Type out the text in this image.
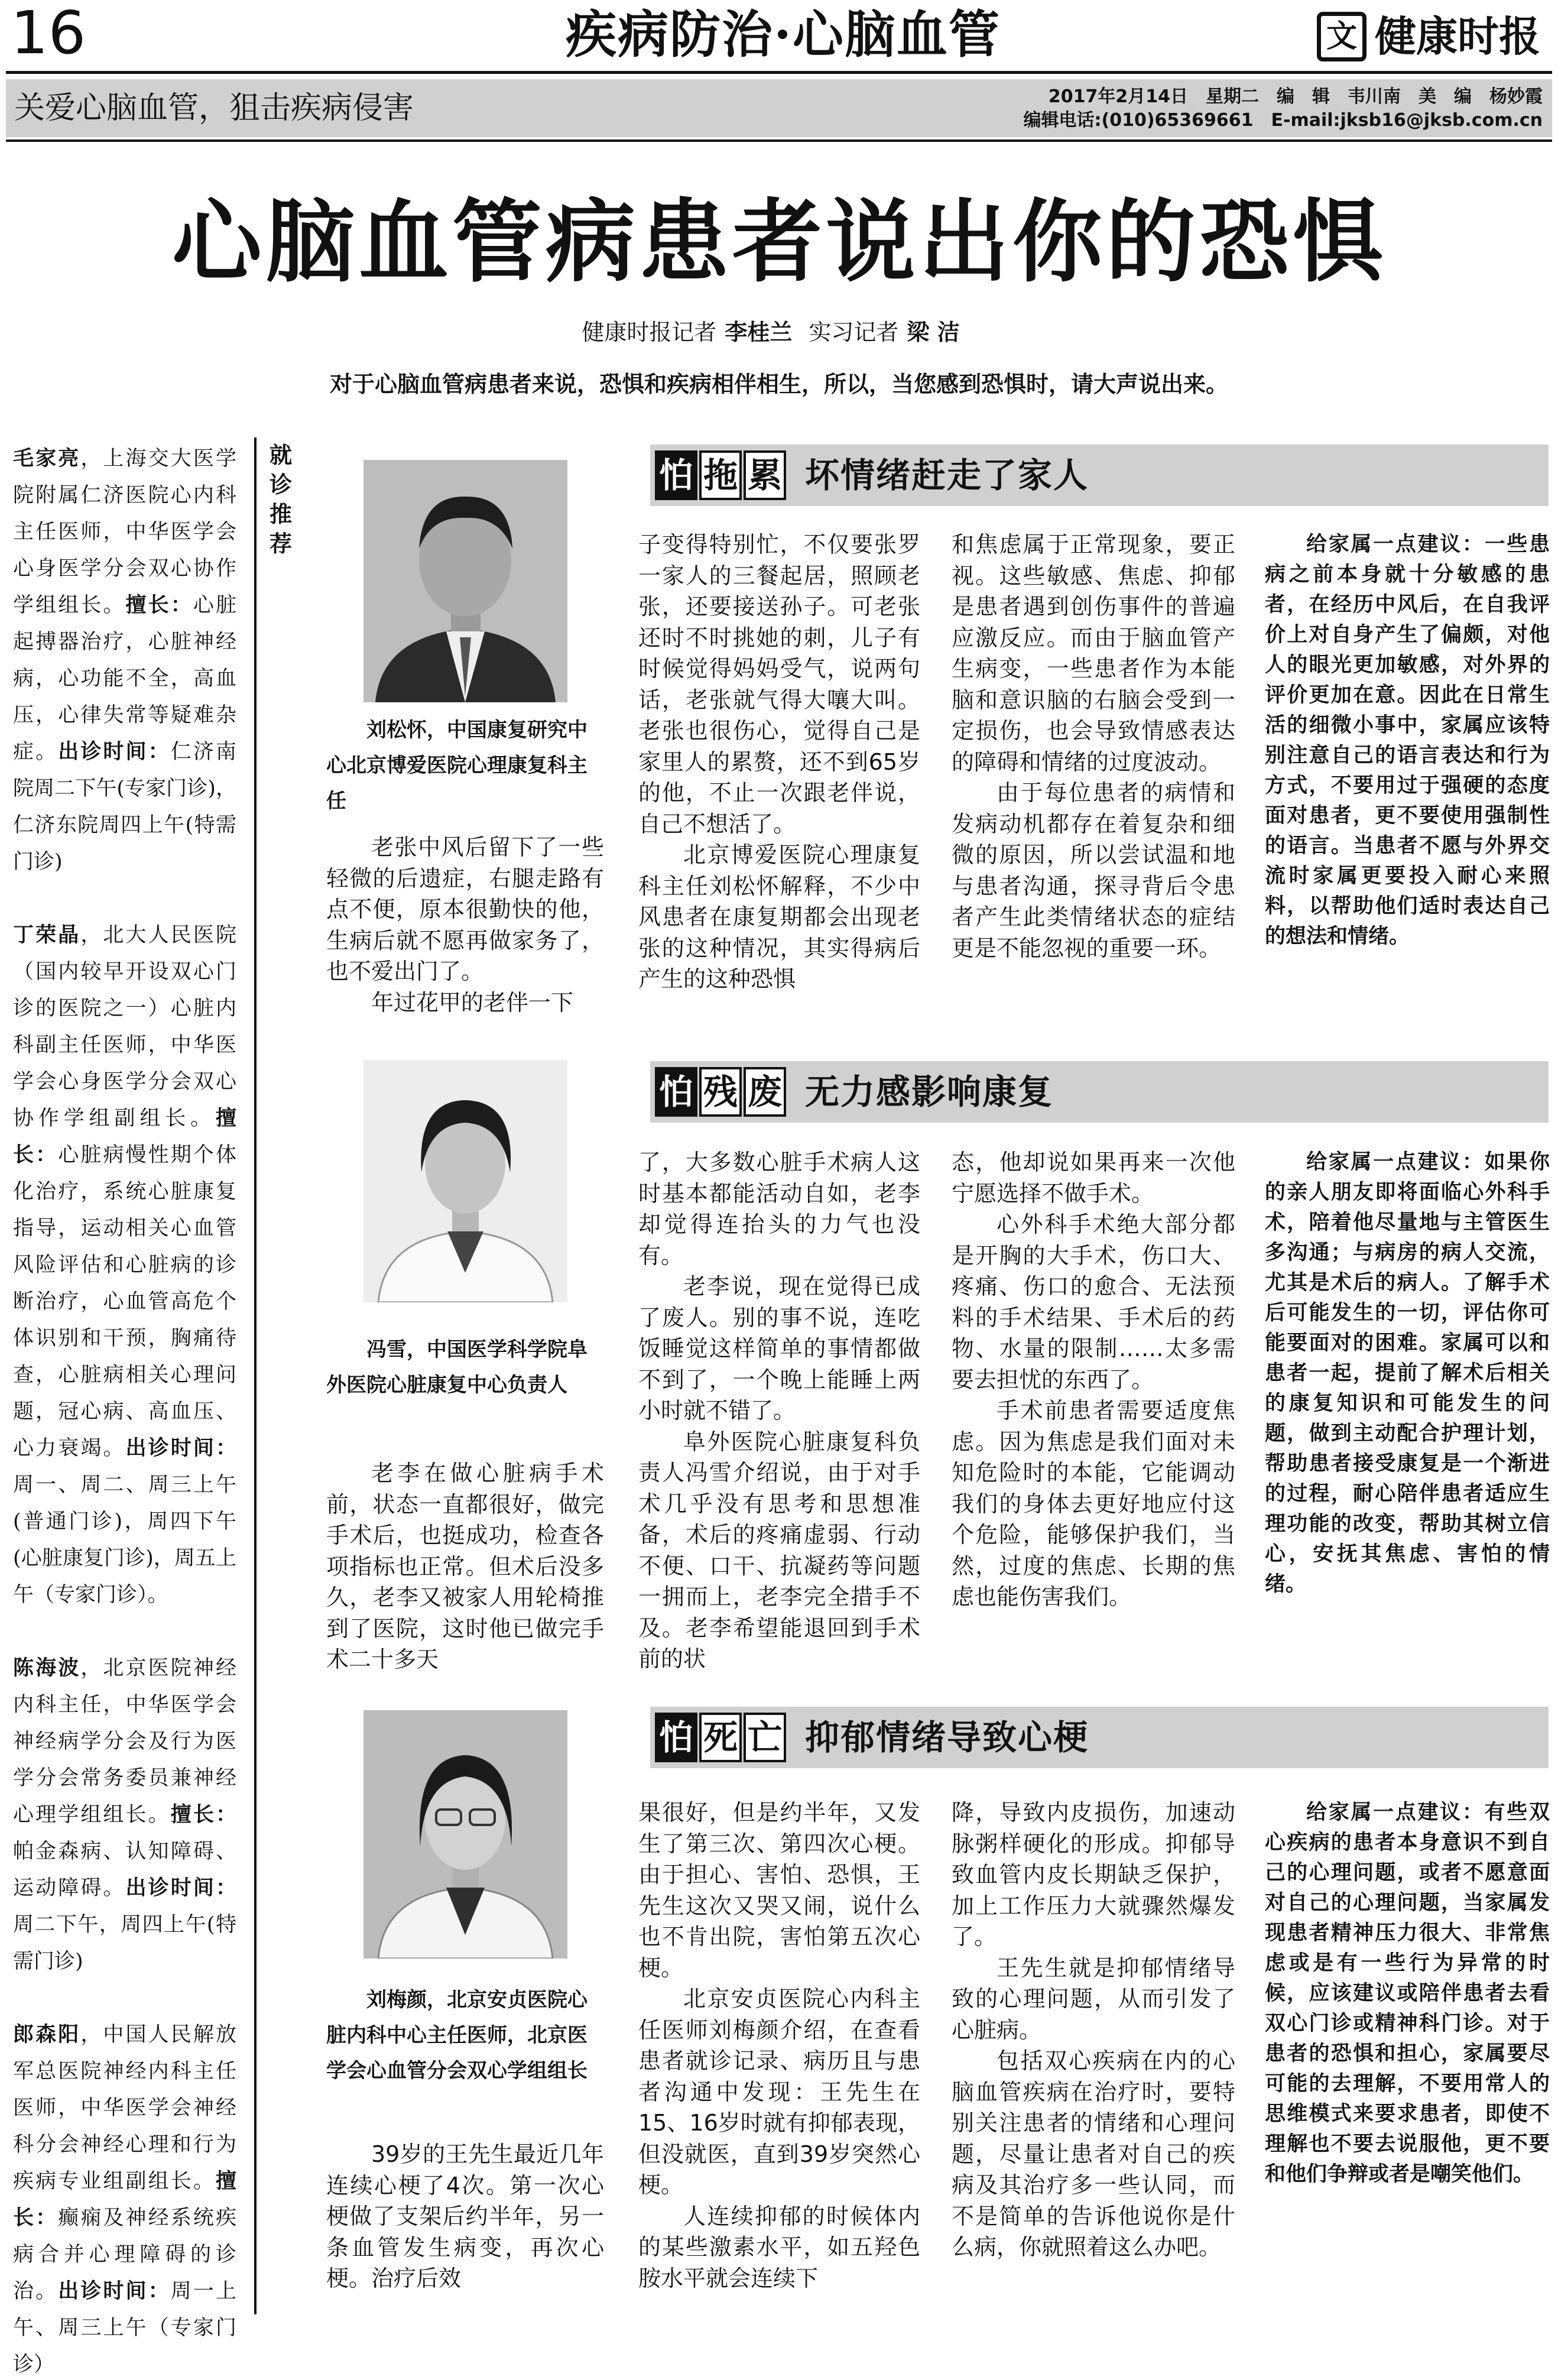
16	疾病防治·心脑血管	文 健康时报
关爱心脑血管，狙击疾病侵害	2017年2月14日　星期二　编　辑　韦川南　美　编　杨妙霞
编辑电话:(010)65369661　E-mail:jksb16@jksb.com.cn
心脑血管病患者说出你的恐惧
健康时报记者 李桂兰 实习记者 梁 洁
对于心脑血管病患者来说，恐惧和疾病相伴相生，所以，当您感到恐惧时，请大声说出来。
毛家亮，上海交大医学院附属仁济医院心内科主任医师，中华医学会心身医学分会双心协作学组组长。擅长：心脏起搏器治疗，心脏神经病，心功能不全，高血压，心律失常等疑难杂症。出诊时间：仁济南院周二下午(专家门诊)，仁济东院周四上午(特需门诊)
丁荣晶，北大人民医院（国内较早开设双心门诊的医院之一）心脏内科副主任医师，中华医学会心身医学分会双心协作学组副组长。擅长：心脏病慢性期个体化治疗，系统心脏康复指导，运动相关心血管风险评估和心脏病的诊断治疗，心血管高危个体识别和干预，胸痛待查，心脏病相关心理问题，冠心病、高血压、心力衰竭。出诊时间：周一、周二、周三上午(普通门诊)，周四下午(心脏康复门诊)，周五上午（专家门诊）。
陈海波，北京医院神经内科主任，中华医学会神经病学分会及行为医学分会常务委员兼神经心理学组组长。擅长：帕金森病、认知障碍、运动障碍。出诊时间：周二下午，周四上午(特需门诊)
郎森阳，中国人民解放军总医院神经内科主任医师，中华医学会神经科分会神经心理和行为疾病专业组副组长。擅长：癫痫及神经系统疾病合并心理障碍的诊治。出诊时间：周一上午、周三上午（专家门诊）
就诊推荐
怕 拖 累 坏情绪赶走了家人
刘松怀，中国康复研究中心北京博爱医院心理康复科主任

老张中风后留下了一些轻微的后遗症，右腿走路有点不便，原本很勤快的他，生病后就不愿再做家务了，也不爱出门了。

年过花甲的老伴一下

子变得特别忙，不仅要张罗一家人的三餐起居，照顾老张，还要接送孙子。可老张还时不时挑她的刺，儿子有时候觉得妈妈受气，说两句话，老张就气得大嚷大叫。老张也很伤心，觉得自己是家里人的累赘，还不到65岁的他，不止一次跟老伴说，自己不想活了。

北京博爱医院心理康复科主任刘松怀解释，不少中风患者在康复期都会出现老张的这种情况，其实得病后产生的这种恐惧

和焦虑属于正常现象，要正视。这些敏感、焦虑、抑郁是患者遇到创伤事件的普遍应激反应。而由于脑血管产生病变，一些患者作为本能脑和意识脑的右脑会受到一定损伤，也会导致情感表达的障碍和情绪的过度波动。

由于每位患者的病情和发病动机都存在着复杂和细微的原因，所以尝试温和地与患者沟通，探寻背后令患者产生此类情绪状态的症结更是不能忽视的重要一环。

给家属一点建议：一些患病之前本身就十分敏感的患者，在经历中风后，在自我评价上对自身产生了偏颇，对他人的眼光更加敏感，对外界的评价更加在意。因此在日常生活的细微小事中，家属应该特别注意自己的语言表达和行为方式，不要用过于强硬的态度面对患者，更不要使用强制性的语言。当患者不愿与外界交流时家属更要投入耐心来照料，以帮助他们适时表达自己的想法和情绪。
怕 残 废 无力感影响康复
冯雪，中国医学科学院阜外医院心脏康复中心负责人

老李在做心脏病手术前，状态一直都很好，做完手术后，也挺成功，检查各项指标也正常。但术后没多久，老李又被家人用轮椅推到了医院，这时他已做完手术二十多天

了，大多数心脏手术病人这时基本都能活动自如，老李却觉得连抬头的力气也没有。

老李说，现在觉得已成了废人。别的事不说，连吃饭睡觉这样简单的事情都做不到了，一个晚上能睡上两小时就不错了。

阜外医院心脏康复科负责人冯雪介绍说，由于对手术几乎没有思考和思想准备，术后的疼痛虚弱、行动不便、口干、抗凝药等问题一拥而上，老李完全措手不及。老李希望能退回到手术前的状

态，他却说如果再来一次他宁愿选择不做手术。

心外科手术绝大部分都是开胸的大手术，伤口大、疼痛、伤口的愈合、无法预料的手术结果、手术后的药物、水量的限制……太多需要去担忧的东西了。

手术前患者需要适度焦虑。因为焦虑是我们面对未知危险时的本能，它能调动我们的身体去更好地应付这个危险，能够保护我们，当然，过度的焦虑、长期的焦虑也能伤害我们。

给家属一点建议：如果你的亲人朋友即将面临心外科手术，陪着他尽量地与主管医生多沟通；与病房的病人交流，尤其是术后的病人。了解手术后可能发生的一切，评估你可能要面对的困难。家属可以和患者一起，提前了解术后相关的康复知识和可能发生的问题，做到主动配合护理计划，帮助患者接受康复是一个渐进的过程，耐心陪伴患者适应生理功能的改变，帮助其树立信心，安抚其焦虑、害怕的情绪。
怕 死 亡 抑郁情绪导致心梗
刘梅颜，北京安贞医院心脏内科中心主任医师，北京医学会心血管分会双心学组组长

39岁的王先生最近几年连续心梗了4次。第一次心梗做了支架后约半年，另一条血管发生病变，再次心梗。治疗后效

果很好，但是约半年，又发生了第三次、第四次心梗。由于担心、害怕、恐惧，王先生这次又哭又闹，说什么也不肯出院，害怕第五次心梗。

北京安贞医院心内科主任医师刘梅颜介绍，在查看患者就诊记录、病历且与患者沟通中发现：王先生在15、16岁时就有抑郁表现，但没就医，直到39岁突然心梗。

人连续抑郁的时候体内的某些激素水平，如五羟色胺水平就会连续下

降，导致内皮损伤，加速动脉粥样硬化的形成。抑郁导致血管内皮长期缺乏保护，加上工作压力大就骤然爆发了。

王先生就是抑郁情绪导致的心理问题，从而引发了心脏病。

包括双心疾病在内的心脑血管疾病在治疗时，要特别关注患者的情绪和心理问题，尽量让患者对自己的疾病及其治疗多一些认同，而不是简单的告诉他说你是什么病，你就照着这么办吧。

给家属一点建议：有些双心疾病的患者本身意识不到自己的心理问题，或者不愿意面对自己的心理问题，当家属发现患者精神压力很大、非常焦虑或是有一些行为异常的时候，应该建议或陪伴患者去看双心门诊或精神科门诊。对于患者的恐惧和担心，家属要尽可能的去理解，不要用常人的思维模式来要求患者，即使不理解也不要去说服他，更不要和他们争辩或者是嘲笑他们。
